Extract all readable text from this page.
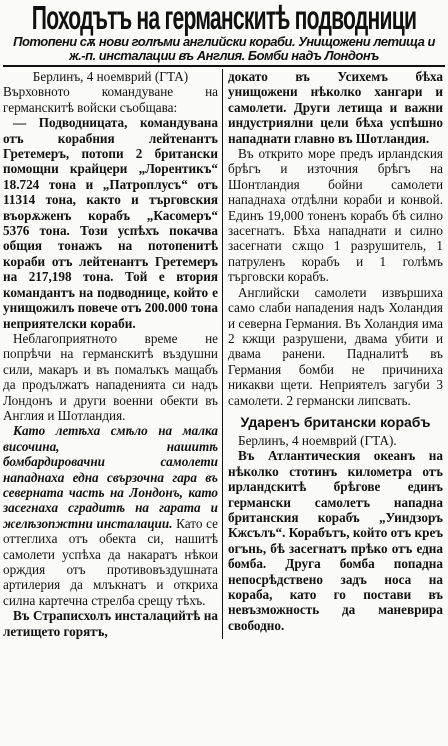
Походътъ на германскитѣ подводници
Потопени сѫ нови голѣми английски кораби. Унищожени летища и ж.-п. инсталации въ Англия. Бомби надъ Лондонъ

Берлинъ, 4 ноемврий (ГТА)

Върховното командуване на германскитѣ войски съобщава:

— Подводницата, командувана отъ корабния лейтенантъ Гретемеръ, потопи 2 британски помощни крайцери „Лорентикъ“ 18.724 тона и „Патроплусъ“ отъ 11314 тона, както и търговския въорѫженъ корабъ „Касомеръ“ 5376 тона. Този успѣхъ покачва общия тонажъ на потопенитѣ кораби отъ лейтенантъ Гретемеръ на 217,198 тона. Той е втория командантъ на подводнице, който е унищожилъ повече отъ 200.000 тона неприятелски кораби.

Неблагоприятното време не попрѣчи на германскитѣ въздушни сили, макаръ и въ помалъкъ мащабъ да продължатъ нападенията си надъ Лондонъ и други военни обекти въ Англия и Шотландия.

Като летѣха смѣло на малка височина, нашитѣ бомбардировачни самолети нападнаха една свързочна гара въ северната часть на Лондонъ, като засегнаха сградитѣ на гарата и желѣзопжтни инсталации. Като се оттеглиха отъ обекта си, нашитѣ самолети успѣха да накаратъ нѣкои орждия отъ противовъздушната артилерия да млъкнатъ и откриха силна картечна стрелба срещу тѣхъ.

Въ Страписхолъ инсталацийтѣ на летището горятъ,

докато въ Усихемъ бѣха унищожени нѣколко хангари и самолети. Други летища и важни индустриялни цели бѣха успѣшно нападнати главно въ Шотландия.

Въ открито море предъ ирландския брѣгъ и източния брѣгъ на Шонтландия бойни самолети нападнаха отдѣлни кораби и конвой. Единъ 19,000 тоненъ корабъ бѣ силно засегнатъ. Бѣха нападнати и силно засегнати сѫщо 1 разрушитель, 1 патруленъ корабъ и 1 голѣмъ търговски корабъ.

Английски самолети извършиха само слаби нападения надъ Холандия и северна Германия. Въ Холандия има 2 кжщи разрушени, двама убити и двама ранени. Падналитѣ въ Германия бомби не причиниха никакви щети. Неприятелъ загуби 3 самолети. 2 германски липсвать.

Ударенъ британски корабъ

Берлинъ, 4 ноемврий (ГТА).

Въ Атлантическия океанъ на нѣколко стотинъ километра отъ ирландскитѣ брѣгове единъ германски самолетъ нападна британския корабъ „Уиндзоръ Кжсълъ“. Корабътъ, който отъ креъ огънь, бѣ засегнатъ прѣко отъ една бомба. Друга бомба попадна непосрѣдствено задъ носа на кораба, като го постави въ невъзможность да маневрира свободно.
